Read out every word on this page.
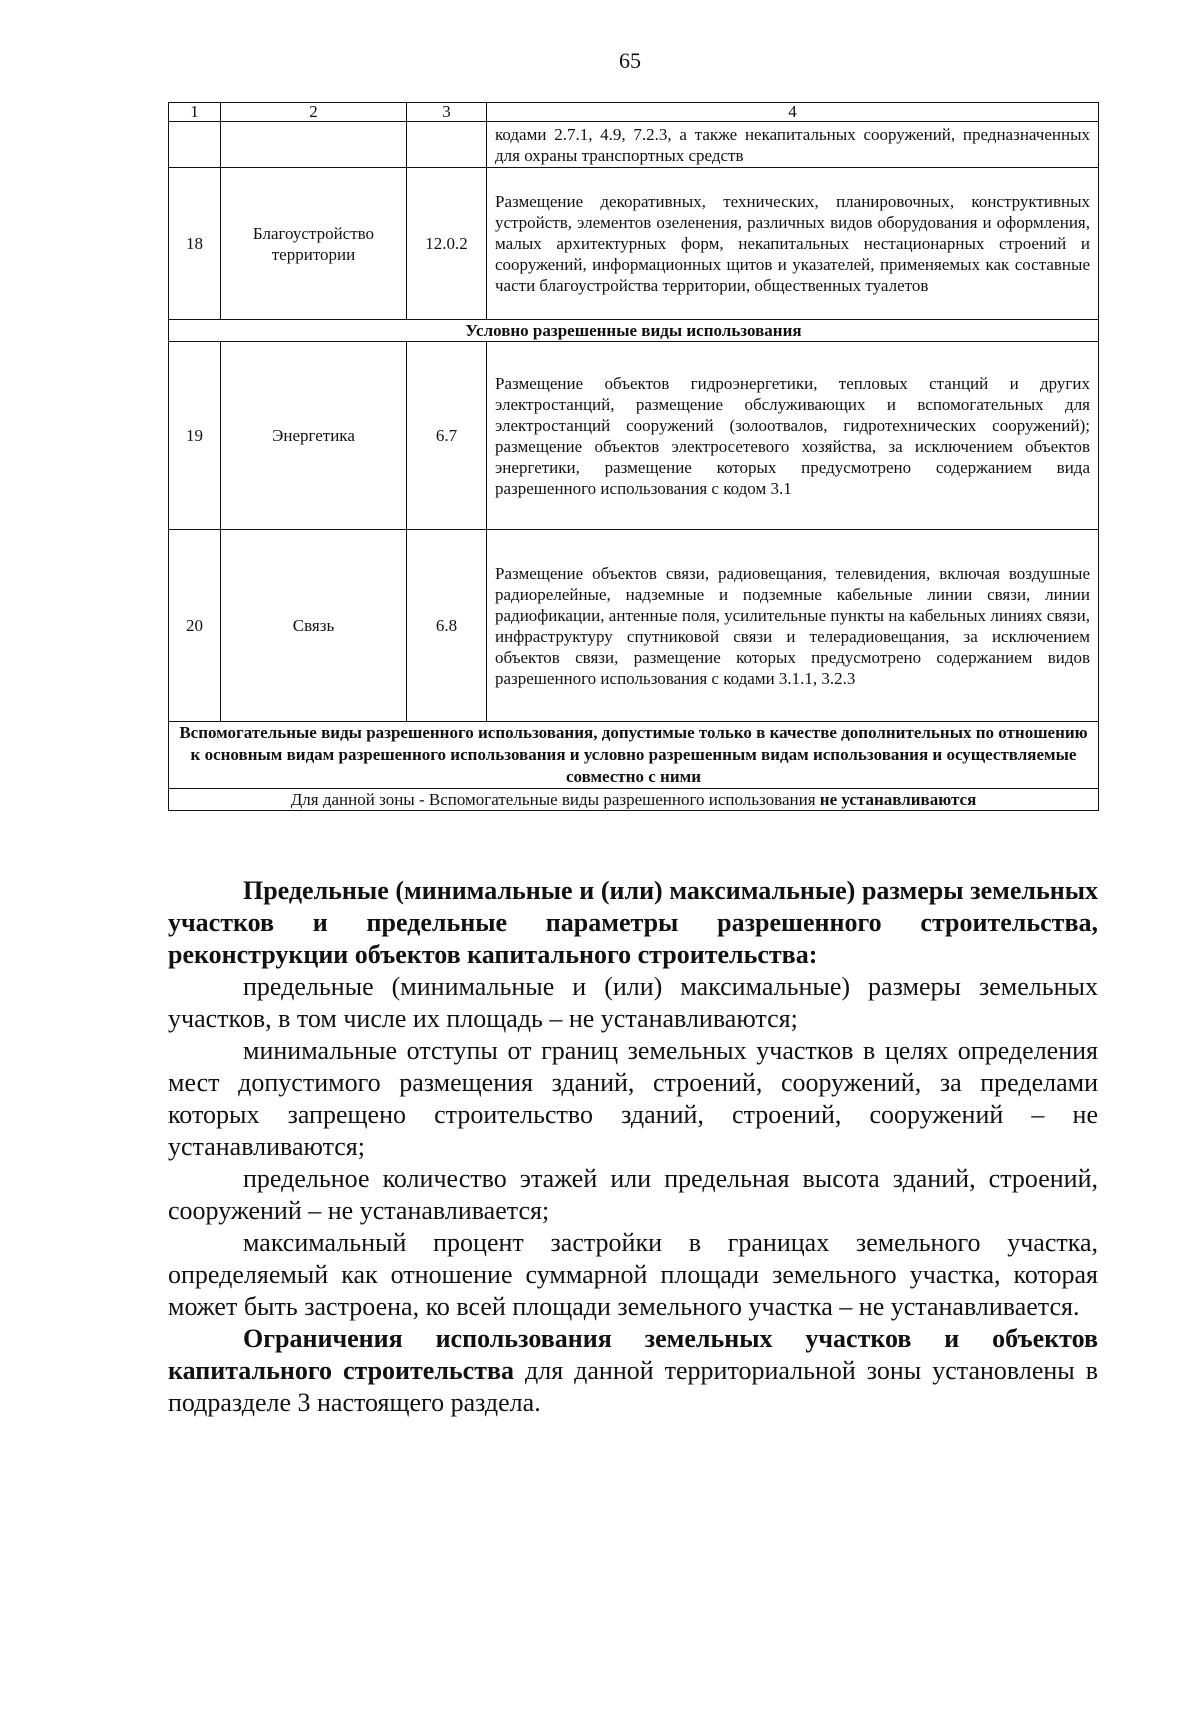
65
1	2	3	4
			кодами 2.7.1, 4.9, 7.2.3, а также некапитальных сооружений, предназначенных для охраны транспортных средств
18	Благоустройство территории	12.0.2	Размещение декоративных, технических, планировочных, конструктивных устройств, элементов озеленения, различных видов оборудования и оформления, малых архитектурных форм, некапитальных нестационарных строений и сооружений, информационных щитов и указателей, применяемых как составные части благоустройства территории, общественных туалетов
Условно разрешенные виды использования			
19	Энергетика	6.7	Размещение объектов гидроэнергетики, тепловых станций и других электростанций, размещение обслуживающих и вспомогательных для электростанций сооружений (золоотвалов, гидротехнических сооружений); размещение объектов электросетевого хозяйства, за исключением объектов энергетики, размещение которых предусмотрено содержанием вида разрешенного использования с кодом 3.1
20	Связь	6.8	Размещение объектов связи, радиовещания, телевидения, включая воздушные радиорелейные, надземные и подземные кабельные линии связи, линии радиофикации, антенные поля, усилительные пункты на кабельных линиях связи, инфраструктуру спутниковой связи и телерадиовещания, за исключением объектов связи, размещение которых предусмотрено содержанием видов разрешенного использования с кодами 3.1.1, 3.2.3
Вспомогательные виды разрешенного использования, допустимые только в качестве дополнительных по отношению к основным видам разрешенного использования и условно разрешенным видам использования и осуществляемые совместно с ними			
Для данной зоны - Вспомогательные виды разрешенного использования не устанавливаются			

Предельные (минимальные и (или) максимальные) размеры земельных участков и предельные параметры разрешенного строительства, реконструкции объектов капитального строительства:

предельные (минимальные и (или) максимальные) размеры земельных участков, в том числе их площадь – не устанавливаются;

минимальные отступы от границ земельных участков в целях определения мест допустимого размещения зданий, строений, сооружений, за пределами которых запрещено строительство зданий, строений, сооружений – не устанавливаются;

предельное количество этажей или предельная высота зданий, строений, сооружений – не устанавливается;

максимальный процент застройки в границах земельного участка, определяемый как отношение суммарной площади земельного участка, которая может быть застроена, ко всей площади земельного участка – не устанавливается.

Ограничения использования земельных участков и объектов капитального строительства для данной территориальной зоны установлены в подразделе 3 настоящего раздела.
